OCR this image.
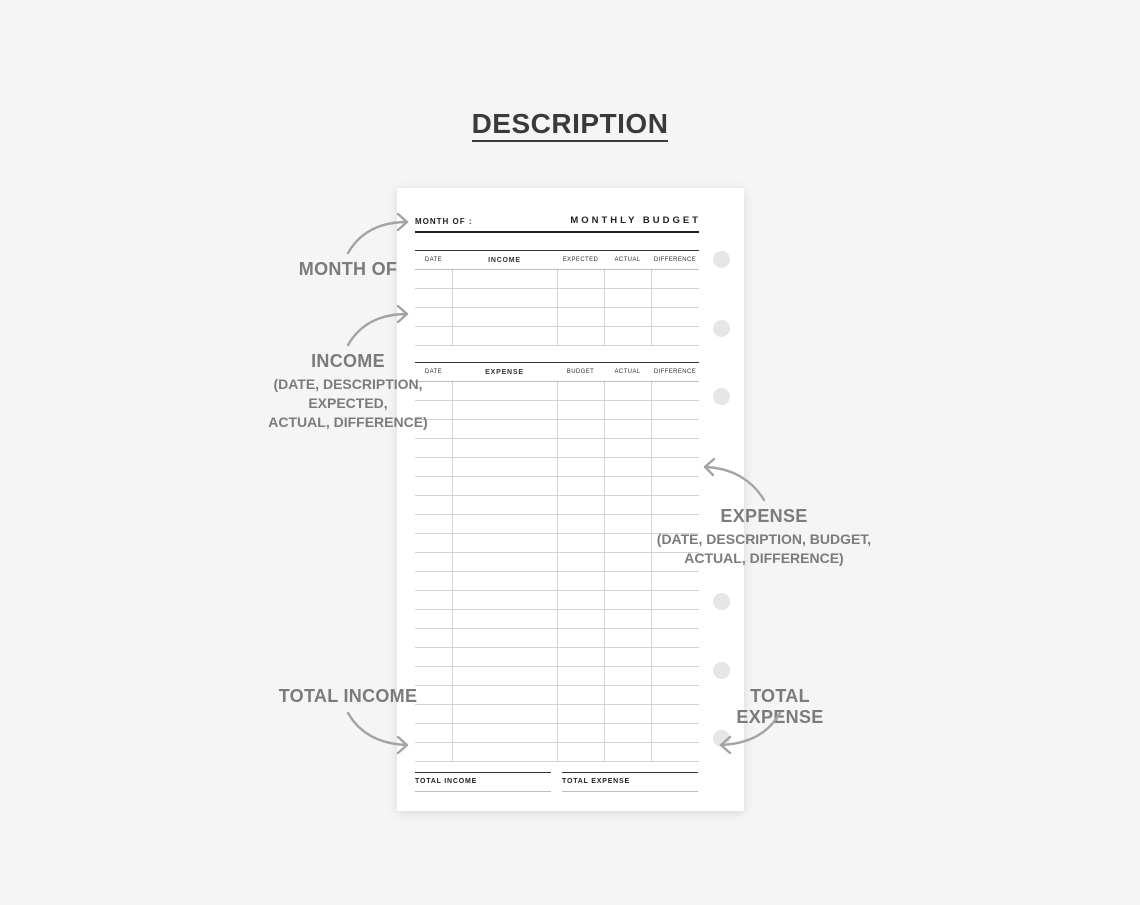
DESCRIPTION
MONTH OF :	MONTHLY BUDGET
DATE	INCOME	EXPECTED	ACTUAL	DIFFERENCE

DATE	EXPENSE	BUDGET	ACTUAL	DIFFERENCE

TOTAL INCOME	TOTAL EXPENSE
MONTH OF
INCOME
(DATE, DESCRIPTION, EXPECTED,
ACTUAL, DIFFERENCE)
EXPENSE
(DATE, DESCRIPTION, BUDGET,
ACTUAL, DIFFERENCE)
TOTAL INCOME	TOTAL EXPENSE
